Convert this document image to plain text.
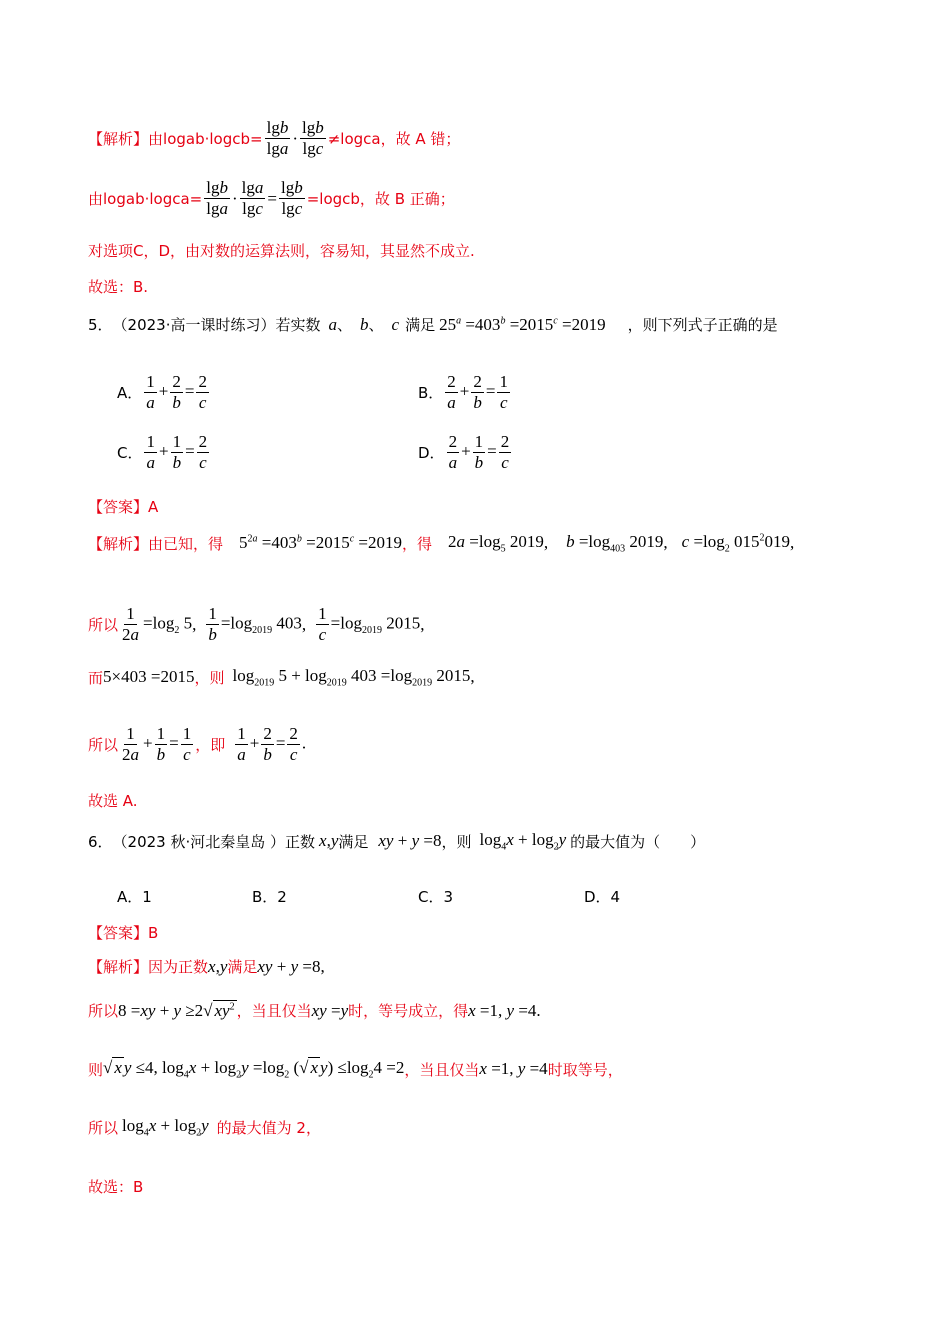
【解析】 由 logab·logcb= $\frac{\lg b}{\lg a} \cdot \frac{\lg b}{\lg c}$ ≠logca，故 A 错；
由 logab·logca= $\frac{\lg b}{\lg a} \cdot \frac{\lg a}{\lg c} = \frac{\lg b}{\lg c}$ =logcb，故 B 正确；
对选项C，D，由对数的运算法则，容易知，其显然不成立.
故选：B.
5． （2023·高一课时练习）若实数 a 、 b 、 c 满足 $25^a =403^b =2015^c =2019$ ，则下列式子正确的是
A． $\frac{1}{a} + \frac{2}{b} = \frac{2}{c}$	B． $\frac{2}{a} + \frac{2}{b} = \frac{1}{c}$
C． $\frac{1}{a} + \frac{1}{b} = \frac{2}{c}$	D． $\frac{2}{a} + \frac{1}{b} = \frac{2}{c}$
【答案】A
【解析】 由已知，得 $5^{2a} =403^b =2015^c =2019$ ，得 $2a =\log_5$ 2019 , $b =\log_{403}$ 2019 , $c =\log_2$ $015^2019$ ,
所以 $\frac{1}{2a} =\log_2$ 5 , $\frac{1}{b} =\log_{2019}$ 403 , $\frac{1}{c} =\log_{2019}$ 2015 ,
而 5×403 =2015 ，则 $\log_{2019} 5 + \log_{2019} 403 =\log_{2019}$ 2015 ,
所以 $\frac{1}{2a} + \frac{1}{b} = \frac{1}{c}$ ，即 $\frac{1}{a} + \frac{2}{b} = \frac{2}{c}$ .
故选 A.
6． （2023 秋·河北秦皇岛 ）正数 x , y 满足 xy + y =8 ，则 $\log_4x + \log_2y$ 的最大值为（　　）
A．1	B．2	C．3	D．4
【答案】B
【解析】 因为正数 x , y 满足 xy + y =8 ,
所以 8 =xy + y ≥2√ $xy^2$ ，当且仅当 xy =y 时，等号成立，得 x =1, y =4 .
则 √ x y ≤4, $\log_4x + \log_2y =\log_2$ (√ x $y) \le\log_24 =2$ ，当且仅当 x =1, y =4 时取等号，
所以 $\log_4x + \log_2y$ 的最大值为 2，
故选：B
